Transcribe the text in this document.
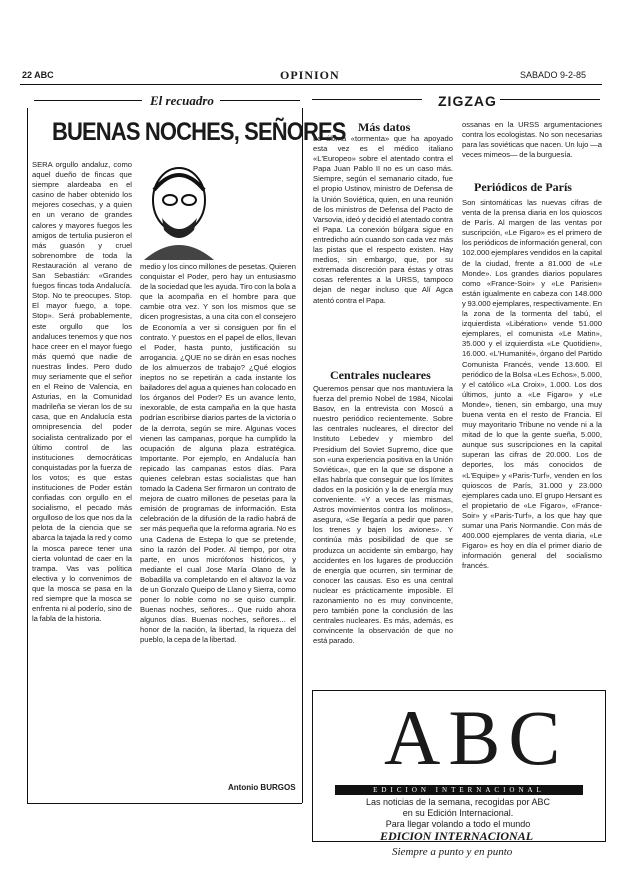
22 ABC	OPINION	SABADO 9-2-85
El recuadro
BUENAS NOCHES, SEÑORES
SERA orgullo andaluz, como aquel dueño de fincas que siempre alardeaba en el casino de haber obtenido los mejores cosechas, y a quien en un verano de grandes calores y mayores fuegos les amigos de tertulia pusieron el más guasón y cruel sobrenombre de toda la Restauración al verano de San Sebastián: «Grandes fuegos fincas toda Andalucía. Stop. No te preocupes. Stop. El mayor fuego, a tope. Stop». Será probablemente, este orgullo que los andaluces tenemos y que nos hace creer en el mayor fuego más quemó que nadie de nuestras lindes. Pero dudo muy seriamente que el señor en el Reino de Valencia, en Asturias, en la Comunidad madrileña se vieran los de su casa, que en Andalucía esta omnipresencia del poder socialista centralizado por el último control de las instituciones democráticas conquistadas por la fuerza de los votos; es que estas instituciones de Poder están confiadas con orgullo en el socialismo, el pecado más orgulloso de los que nos da la pelota de la ciencia que se abarca la tajada la red y como la mosca parece tener una cierta voluntad de caer en la trampa. Vas vas política electiva y lo convenimos de que la mosca se pasa en la red siempre que la mosca se enfrenta ni al poderío, sino de la fabla de la historia.
medio y los cinco millones de pesetas. Quieren conquistar el Poder, pero hay un entusiasmo de la sociedad que les ayuda. Tiro con la bola a que la acompaña en el hombre para que cambie otra vez. Y son los mismos que se dicen progresistas, a una cita con el consejero de Economía a ver si consiguen por fin el contrato. Y puestos en el papel de ellos, llevan el Poder, hasta punto, justificación su arrogancia. ¿QUE no se dirán en esas noches de los almuerzos de trabajo? ¿Qué elogios ineptos no se repetirán a cada instante los bailadores del agua a quienes han colocado en los órganos del Poder? Es un avance lento, inexorable, de esta campaña en la que hasta podrían escribirse diarios partes de la victoria o de la derrota, según se mire. Algunas voces vienen las campanas, porque ha cumplido la ocupación de alguna plaza estratégica. Importante. Por ejemplo, en Andalucía han repicado las campanas estos días. Para quienes celebran estas socialistas que han tomado la Cadena Ser firmaron un contrato de mejora de cuatro millones de pesetas para la emisión de programas de información. Esta celebración de la difusión de la radio habrá de ser más pequeña que la reforma agraria. No es una Cadena de Estepa lo que se pretende, sino la razón del Poder. Al tiempo, por otra parte, en unos micrófonos históricos, y mediante el cual Jose María Olano de la Bobadilla va completando en el altavoz la voz de un Gonzalo Queipo de Llano y Sierra, como poner lo noble como no se quiso cumplir. Buenas noches, señores... Que ruido ahora algunos días. Buenas noches, señores... el honor de la nación, la libertad, la riqueza del pueblo, la cepa de la libertad.
Antonio BURGOS
ZIGZAG
Más datos
La última «tormenta» que ha apoyado esta vez es el médico italiano «L'Europeo» sobre el atentado contra el Papa Juan Pablo II no es un caso más. Siempre, según el semanario citado, fue el propio Ustinov, ministro de Defensa de la Unión Soviética, quien, en una reunión de los ministros de Defensa del Pacto de Varsovia, ideó y decidió el atentado contra el Papa. La conexión búlgara sigue en entredicho aún cuando son cada vez más las pistas que el respecto existen. Hay medios, sin embargo, que, por su extremada discreción para éstas y otras cosas referentes a la URSS, tampoco dejan de negar incluso que Alí Agca atentó contra el Papa.
Centrales nucleares
Queremos pensar que nos mantuviera la fuerza del premio Nobel de 1984, Nicolai Basov, en la entrevista con Moscú a nuestro periódico recientemente. Sobre las centrales nucleares, el director del Instituto Lebedev y miembro del Presidium del Soviet Supremo, dice que son «una experiencia positiva en la Unión Soviética», que en la que se dispone a ellas habría que conseguir que los límites dados en la posición y la de energía muy conveniente. «Y a veces las mismas, Astros movimientos contra los molinos», asegura, «Se llegaría a pedir que paren los trenes y bajen los aviones». Y continúa más posibilidad de que se produzca un accidente sin embargo, hay accidentes en los lugares de producción de energía que ocurren, sin terminar de conocer las causas. Eso es una central nuclear es prácticamente imposible. El razonamiento no es muy convincente, pero también pone la conclusión de las centrales nucleares. Es más, además, es convincente la observación de que no está parado.
ossanas en la URSS argumentaciones contra los ecologistas. No son necesarias para las soviéticas que nacen. Un lujo —a veces mimeos— de la burguesía.
Periódicos de París
Son sintomáticas las nuevas cifras de venta de la prensa diaria en los quioscos de París. Al margen de las ventas por suscripción, «Le Figaro» es el primero de los periódicos de información general, con 102.000 ejemplares vendidos en la capital de la ciudad, frente a 81.000 de «Le Monde». Los grandes diarios populares como «France-Soir» y «Le Parisien» están igualmente en cabeza con 148.000 y 93.000 ejemplares, respectivamente. En la zona de la tormenta del tabú, el izquierdista «Libération» vende 51.000 ejemplares, el comunista «Le Matin», 35.000 y el izquierdista «Le Quotidien», 16.000. «L'Humanité», órgano del Partido Comunista Francés, vende 13.600. El periódico de la Bolsa «Les Echos», 5.000, y el católico «La Croix», 1.000. Los dos últimos, junto a «Le Figaro» y «Le Monde», tienen, sin embargo, una muy buena venta en el resto de Francia. El muy mayoritario Tribune no vende ni a la mitad de lo que la gente sueña, 5.000, aunque sus suscripciones en la capital superan las cifras de 20.000. Los de deportes, los más conocidos de «L'Equipe» y «Paris-Turf», venden en los quioscos de París, 31.000 y 23.000 ejemplares cada uno. El grupo Hersant es el propietario de «Le Figaro», «France-Soir» y «Paris-Turf», a los que hay que sumar una Paris Normandie. Con más de 400.000 ejemplares de venta diaria, «Le Figaro» es hoy en día el primer diario de información general del socialismo francés.
ABC
EDICION INTERNACIONAL
Las noticias de la semana, recogidas por ABC
en su Edición Internacional.
Para llegar volando a todo el mundo
EDICION INTERNACIONAL
Siempre a punto y en punto
